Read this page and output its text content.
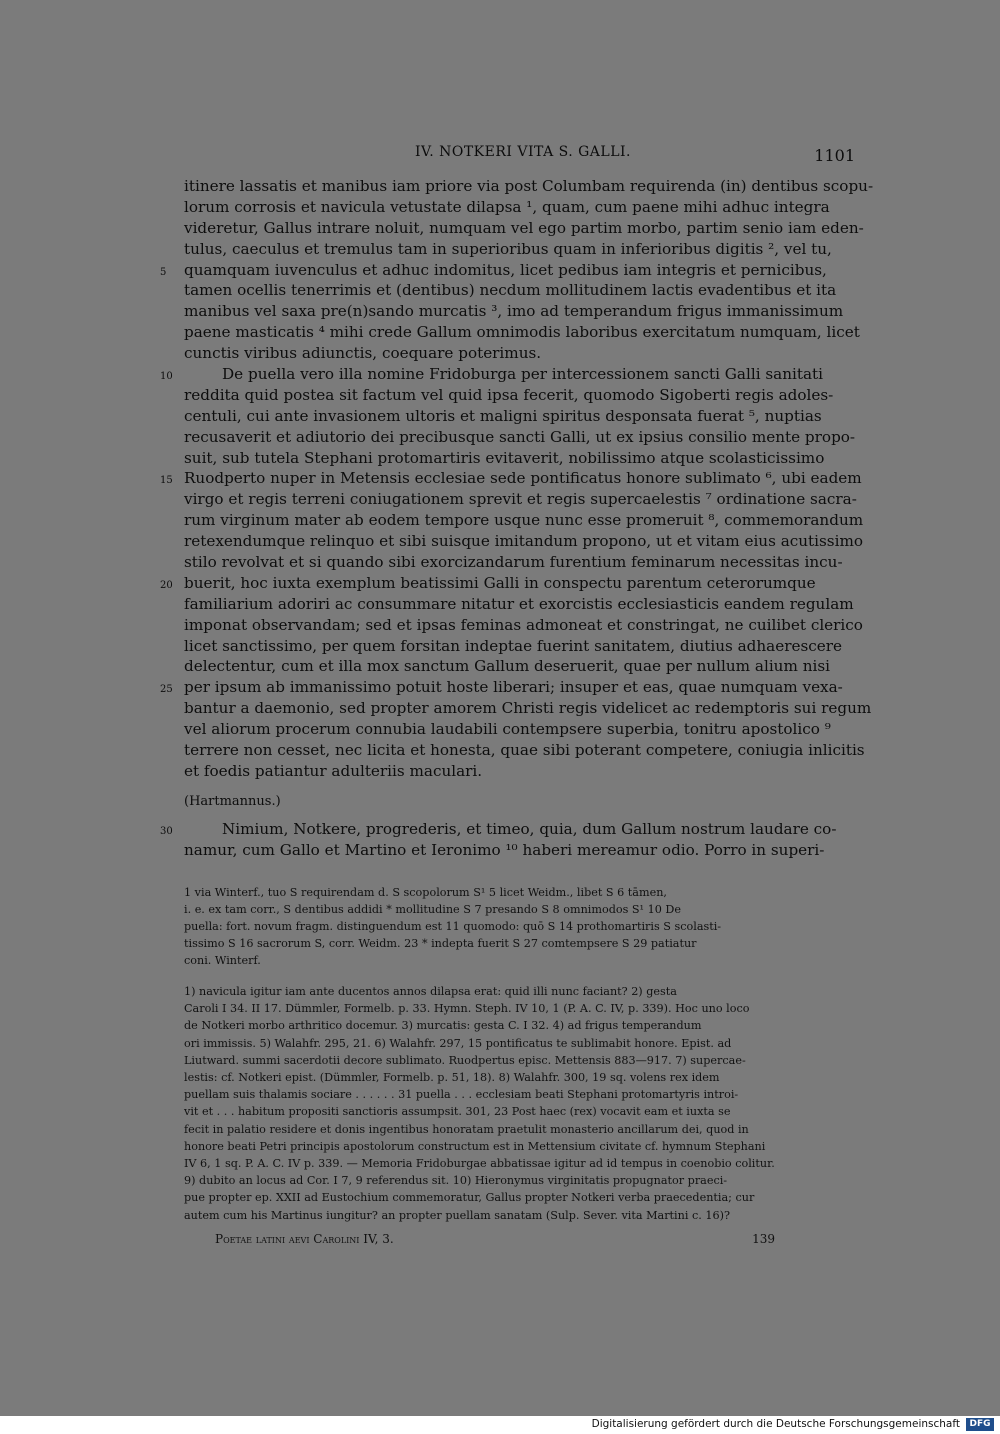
IV. NOTKERI VITA S. GALLI.	1101
itinere lassatis et manibus iam priore via post Columbam requirenda (in) dentibus scopu-
lorum corrosis et navicula vetustate dilapsa ¹, quam, cum paene mihi adhuc integra
videretur, Gallus intrare noluit, numquam vel ego partim morbo, partim senio iam eden-
tulus, caeculus et tremulus tam in superioribus quam in inferioribus digitis ², vel tu,
5 quamquam iuvenculus et adhuc indomitus, licet pedibus iam integris et pernicibus,
tamen ocellis tenerrimis et (dentibus) necdum mollitudinem lactis evadentibus et ita
manibus vel saxa pre(n)sando murcatis ³, imo ad temperandum frigus immanissimum
paene masticatis ⁴ mihi crede Gallum omnimodis laboribus exercitatum numquam, licet
cunctis viribus adiunctis, coequare poterimus.
10	De puella vero illa nomine Fridoburga per intercessionem sancti Galli sanitati
reddita quid postea sit factum vel quid ipsa fecerit, quomodo Sigoberti regis adoles-
centuli, cui ante invasionem ultoris et maligni spiritus desponsata fuerat ⁵, nuptias
recusaverit et adiutorio dei precibusque sancti Galli, ut ex ipsius consilio mente propo-
suit, sub tutela Stephani protomartiris evitaverit, nobilissimo atque scolasticissimo
15 Ruodperto nuper in Metensis ecclesiae sede pontificatus honore sublimato ⁶, ubi eadem
virgo et regis terreni coniugationem sprevit et regis supercaelestis ⁷ ordinatione sacra-
rum virginum mater ab eodem tempore usque nunc esse promeruit ⁸, commemorandum
retexendumque relinquo et sibi suisque imitandum propono, ut et vitam eius acutissimo
stilo revolvat et si quando sibi exorcizandarum furentium feminarum necessitas incu-
20 buerit, hoc iuxta exemplum beatissimi Galli in conspectu parentum ceterorumque
familiarium adoriri ac consummare nitatur et exorcistis ecclesiasticis eandem regulam
imponat observandam; sed et ipsas feminas admoneat et constringat, ne cuilibet clerico
licet sanctissimo, per quem forsitan indeptae fuerint sanitatem, diutius adhaerescere
delectentur, cum et illa mox sanctum Gallum deseruerit, quae per nullum alium nisi
25 per ipsum ab immanissimo potuit hoste liberari; insuper et eas, quae numquam vexa-
bantur a daemonio, sed propter amorem Christi regis videlicet ac redemptoris sui regum
vel aliorum procerum connubia laudabili contempsere superbia, tonitru apostolico ⁹
terrere non cesset, nec licita et honesta, quae sibi poterant competere, coniugia inlicitis
et foedis patiantur adulteriis maculari.
(Hartmannus.)
30	Nimium, Notkere, progrederis, et timeo, quia, dum Gallum nostrum laudare co-
namur, cum Gallo et Martino et Ieronimo ¹⁰ haberi mereamur odio. Porro in superi-
1 via Winterf., tuo S requirendam d. S scopolorum S¹ 5 licet Weidm., libet S 6 tāmen,
i. e. ex tam corr., S dentibus addidi * mollitudine S 7 presando S 8 omnimodos S¹ 10 De
puella: fort. novum fragm. distinguendum est 11 quomodo: quō S 14 prothomartiris S scolasti-
tissimo S 16 sacrorum S, corr. Weidm. 23 * indepta fuerit S 27 comtempsere S 29 patiatur
coni. Winterf.
1) navicula igitur iam ante ducentos annos dilapsa erat: quid illi nunc faciant? 2) gesta
Caroli I 34. II 17. Dümmler, Formelb. p. 33. Hymn. Steph. IV 10, 1 (P. A. C. IV, p. 339). Hoc uno loco
de Notkeri morbo arthritico docemur. 3) murcatis: gesta C. I 32. 4) ad frigus temperandum
ori immissis. 5) Walahfr. 295, 21. 6) Walahfr. 297, 15 pontificatus te sublimabit honore. Epist. ad
Liutward. summi sacerdotii decore sublimato. Ruodpertus episc. Mettensis 883—917. 7) supercae-
lestis: cf. Notkeri epist. (Dümmler, Formelb. p. 51, 18). 8) Walahfr. 300, 19 sq. volens rex idem
puellam suis thalamis sociare . . . . . . 31 puella . . . ecclesiam beati Stephani protomartyris introi-
vit et . . . habitum propositi sanctioris assumpsit. 301, 23 Post haec (rex) vocavit eam et iuxta se
fecit in palatio residere et donis ingentibus honoratam praetulit monasterio ancillarum dei, quod in
honore beati Petri principis apostolorum constructum est in Mettensium civitate cf. hymnum Stephani
IV 6, 1 sq. P. A. C. IV p. 339. — Memoria Fridoburgae abbatissae igitur ad id tempus in coenobio colitur.
9) dubito an locus ad Cor. I 7, 9 referendus sit. 10) Hieronymus virginitatis propugnator praeci-
pue propter ep. XXII ad Eustochium commemoratur, Gallus propter Notkeri verba praecedentia; cur
autem cum his Martinus iungitur? an propter puellam sanatam (Sulp. Sever. vita Martini c. 16)?
Poetae latini aevi Carolini IV, 3.	139
Digitalisierung gefördert durch die Deutsche Forschungsgemeinschaft	DFG
